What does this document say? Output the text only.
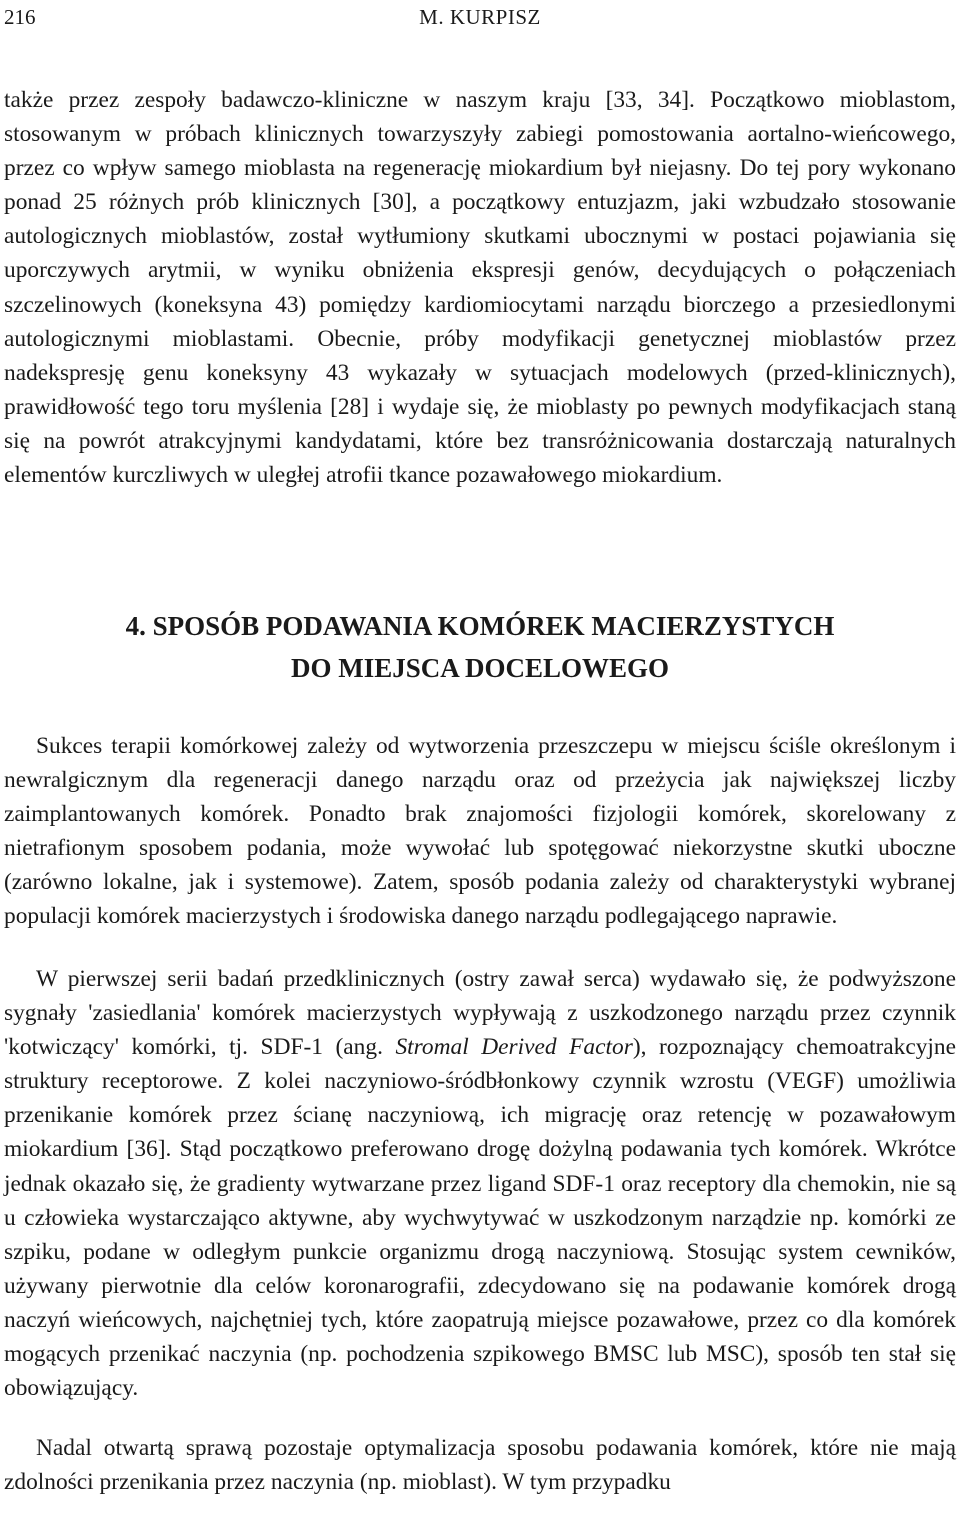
216	M. KURPISZ

także przez zespoły badawczo-kliniczne w naszym kraju [33, 34]. Początkowo mioblastom, stosowanym w próbach klinicznych towarzyszyły zabiegi pomostowania aortalno-wieńcowego, przez co wpływ samego mioblasta na regenerację miokardium był niejasny. Do tej pory wykonano ponad 25 różnych prób klinicznych [30], a początkowy entuzjazm, jaki wzbudzało stosowanie autologicznych mioblastów, został wytłumiony skutkami ubocznymi w postaci pojawiania się uporczywych arytmii, w wyniku obniżenia ekspresji genów, decydujących o połączeniach szczelinowych (koneksyna 43) pomiędzy kardiomiocytami narządu biorczego a przesiedlonymi autologicznymi mioblastami. Obecnie, próby modyfikacji genetycznej mioblastów przez nadekspresję genu koneksyny 43 wykazały w sytuacjach modelowych (przed-klinicznych), prawidłowość tego toru myślenia [28] i wydaje się, że mioblasty po pewnych modyfikacjach staną się na powrót atrakcyjnymi kandydatami, które bez transróżnicowania dostarczają naturalnych elementów kurczliwych w uległej atrofii tkance pozawałowego miokardium.

4. SPOSÓB PODAWANIA KOMÓREK MACIERZYSTYCH
DO MIEJSCA DOCELOWEGO

Sukces terapii komórkowej zależy od wytworzenia przeszczepu w miejscu ściśle określonym i newralgicznym dla regeneracji danego narządu oraz od przeżycia jak największej liczby zaimplantowanych komórek. Ponadto brak znajomości fizjologii komórek, skorelowany z nietrafionym sposobem podania, może wywołać lub spotęgować niekorzystne skutki uboczne (zarówno lokalne, jak i systemowe). Zatem, sposób podania zależy od charakterystyki wybranej populacji komórek macierzystych i środowiska danego narządu podlegającego naprawie.

W pierwszej serii badań przedklinicznych (ostry zawał serca) wydawało się, że podwyższone sygnały 'zasiedlania' komórek macierzystych wypływają z uszkodzonego narządu przez czynnik 'kotwiczący' komórki, tj. SDF-1 (ang. Stromal Derived Factor), rozpoznający chemoatrakcyjne struktury receptorowe. Z kolei naczyniowo-śródbłonkowy czynnik wzrostu (VEGF) umożliwia przenikanie komórek przez ścianę naczyniową, ich migrację oraz retencję w pozawałowym miokardium [36]. Stąd początkowo preferowano drogę dożylną podawania tych komórek. Wkrótce jednak okazało się, że gradienty wytwarzane przez ligand SDF-1 oraz receptory dla chemokin, nie są u człowieka wystarczająco aktywne, aby wychwytywać w uszkodzonym narządzie np. komórki ze szpiku, podane w odległym punkcie organizmu drogą naczyniową. Stosując system cewników, używany pierwotnie dla celów koronarografii, zdecydowano się na podawanie komórek drogą naczyń wieńcowych, najchętniej tych, które zaopatrują miejsce pozawałowe, przez co dla komórek mogących przenikać naczynia (np. pochodzenia szpikowego BMSC lub MSC), sposób ten stał się obowiązujący.

Nadal otwartą sprawą pozostaje optymalizacja sposobu podawania komórek, które nie mają zdolności przenikania przez naczynia (np. mioblast). W tym przypadku
